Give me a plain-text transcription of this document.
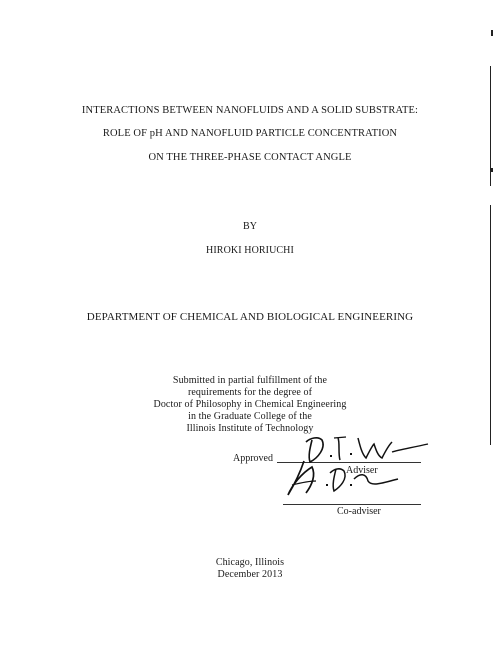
INTERACTIONS BETWEEN NANOFLUIDS AND A SOLID SUBSTRATE:
ROLE OF pH AND NANOFLUID PARTICLE CONCENTRATION
ON THE THREE-PHASE CONTACT ANGLE
BY
HIROKI HORIUCHI
DEPARTMENT OF CHEMICAL AND BIOLOGICAL ENGINEERING
Submitted in partial fulfillment of the
requirements for the degree of
Doctor of Philosophy in Chemical Engineering
in the Graduate College of the
Illinois Institute of Technology
Approved
Adviser
Co-adviser
Chicago, Illinois
December 2013
